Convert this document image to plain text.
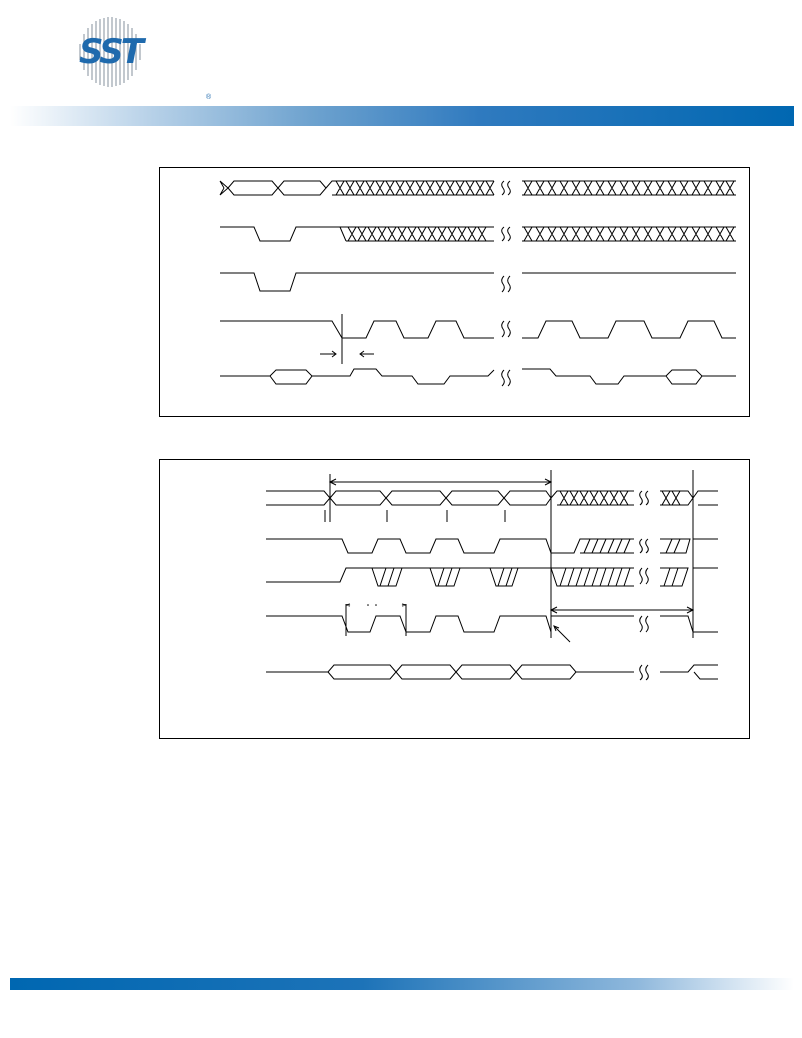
SST
®
